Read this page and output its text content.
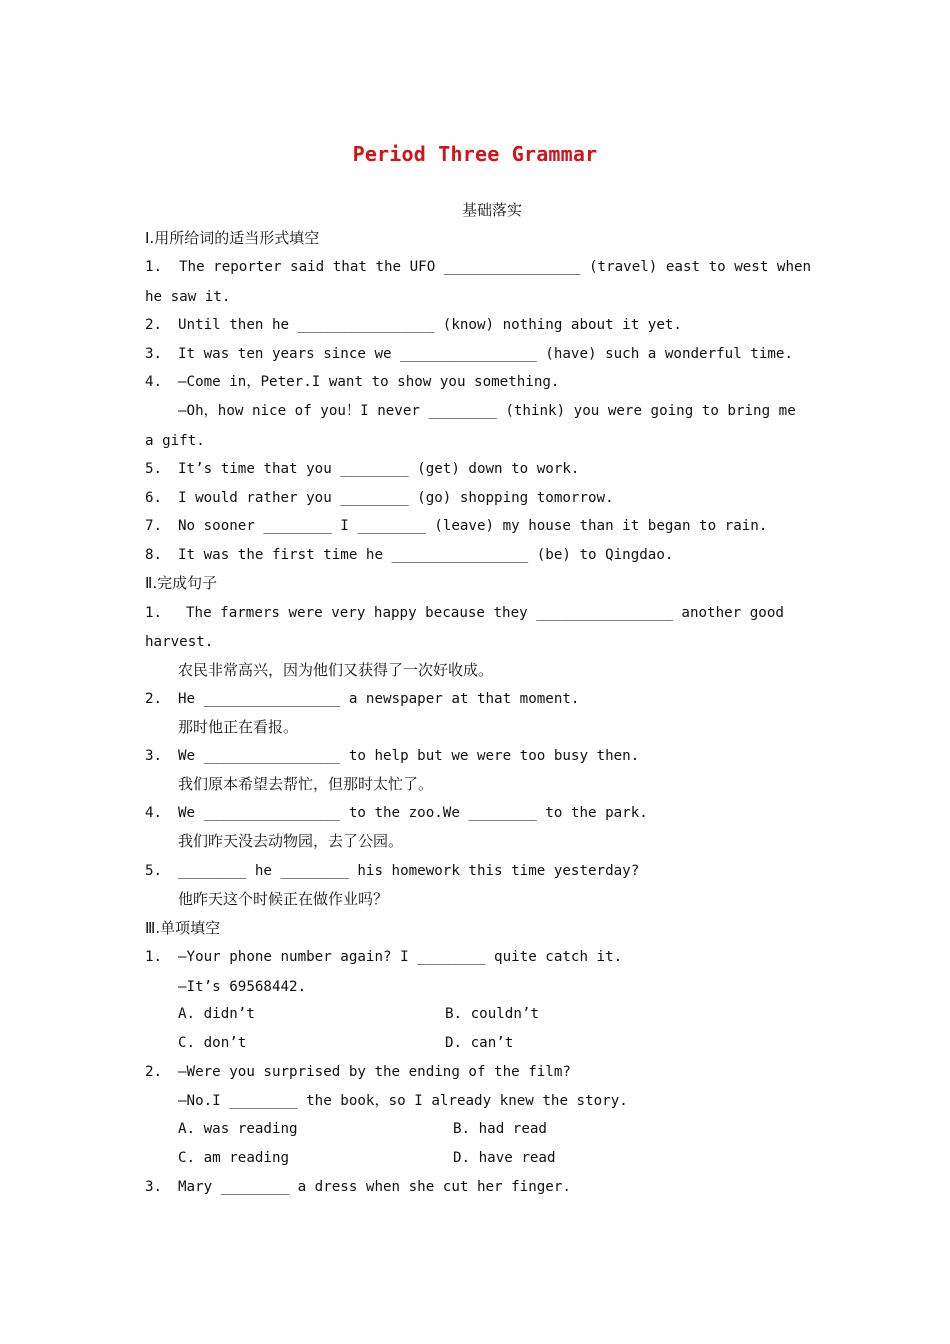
Period Three Grammar
基础落实
Ⅰ.用所给词的适当形式填空
1. The reporter said that the UFO ________________ (travel) east to west when
he saw it.
2. Until then he ________________ (know) nothing about it yet.
3. It was ten years since we ________________ (have) such a wonderful time.
4. —Come in，Peter.I want to show you something.
—Oh，how nice of you！I never ________ (think) you were going to bring me
a gift.
5. It’s time that you ________ (get) down to work.
6. I would rather you ________ (go) shopping tomorrow.
7. No sooner ________ I ________ (leave) my house than it began to rain.
8. It was the first time he ________________ (be) to Qingdao.
Ⅱ.完成句子
1. The farmers were very happy because they ________________ another good
harvest.
农民非常高兴，因为他们又获得了一次好收成。
2. He ________________ a newspaper at that moment.
那时他正在看报。
3. We ________________ to help but we were too busy then.
我们原本希望去帮忙，但那时太忙了。
4. We ________________ to the zoo.We ________ to the park.
我们昨天没去动物园，去了公园。
5. ________ he ________ his homework this time yesterday?
他昨天这个时候正在做作业吗？
Ⅲ.单项填空
1. —Your phone number again? I ________ quite catch it.
—It’s 69568442.
A. didn’t	B. couldn’t
C. don’t	D. can’t
2. —Were you surprised by the ending of the film?
—No.I ________ the book，so I already knew the story.
A. was reading	B. had read
C. am reading	D. have read
3. Mary ________ a dress when she cut her finger.
